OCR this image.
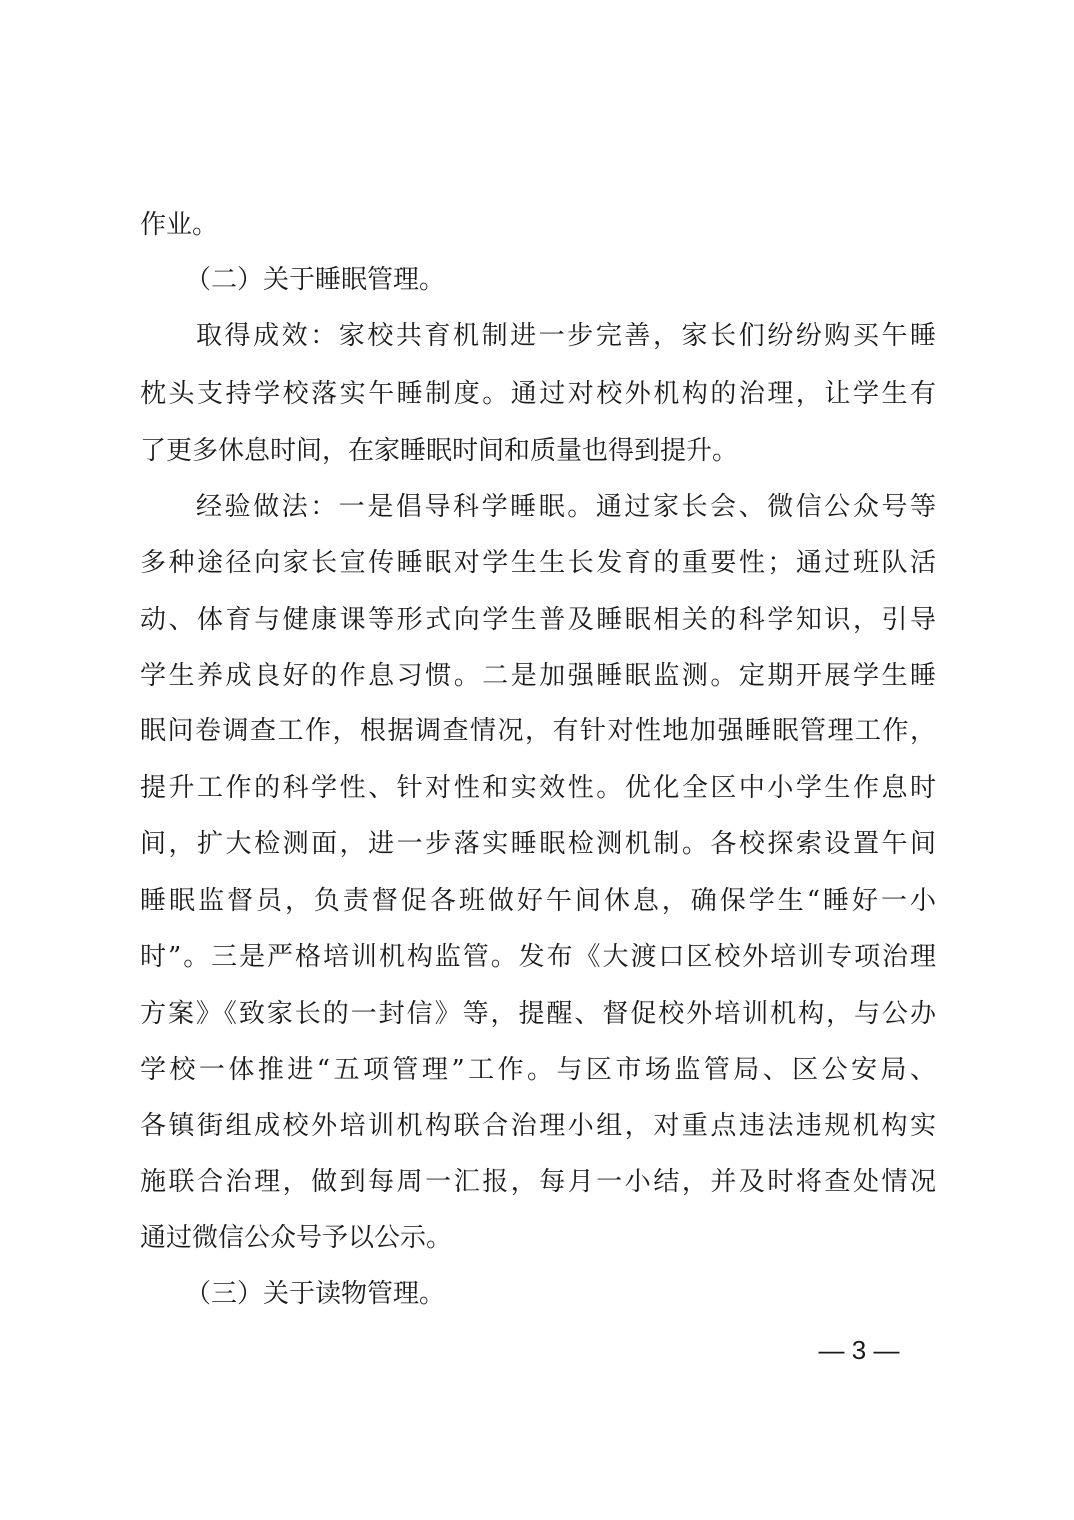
作业。
（二）关于睡眠管理。
取得成效：家校共育机制进一步完善，家长们纷纷购买午睡
枕头支持学校落实午睡制度。通过对校外机构的治理，让学生有
了更多休息时间，在家睡眠时间和质量也得到提升。
经验做法：一是倡导科学睡眠。通过家长会、微信公众号等
多种途径向家长宣传睡眠对学生生长发育的重要性；通过班队活
动、体育与健康课等形式向学生普及睡眠相关的科学知识，引导
学生养成良好的作息习惯。二是加强睡眠监测。定期开展学生睡
眠问卷调查工作，根据调查情况，有针对性地加强睡眠管理工作，
提升工作的科学性、针对性和实效性。优化全区中小学生作息时
间，扩大检测面，进一步落实睡眠检测机制。各校探索设置午间
睡眠监督员，负责督促各班做好午间休息，确保学生“睡好一小
时”。三是严格培训机构监管。发布《大渡口区校外培训专项治理
方案》《致家长的一封信》等，提醒、督促校外培训机构，与公办
学校一体推进“五项管理”工作。与区市场监管局、区公安局、
各镇街组成校外培训机构联合治理小组，对重点违法违规机构实
施联合治理，做到每周一汇报，每月一小结，并及时将查处情况
通过微信公众号予以公示。
（三）关于读物管理。
— 3 —
